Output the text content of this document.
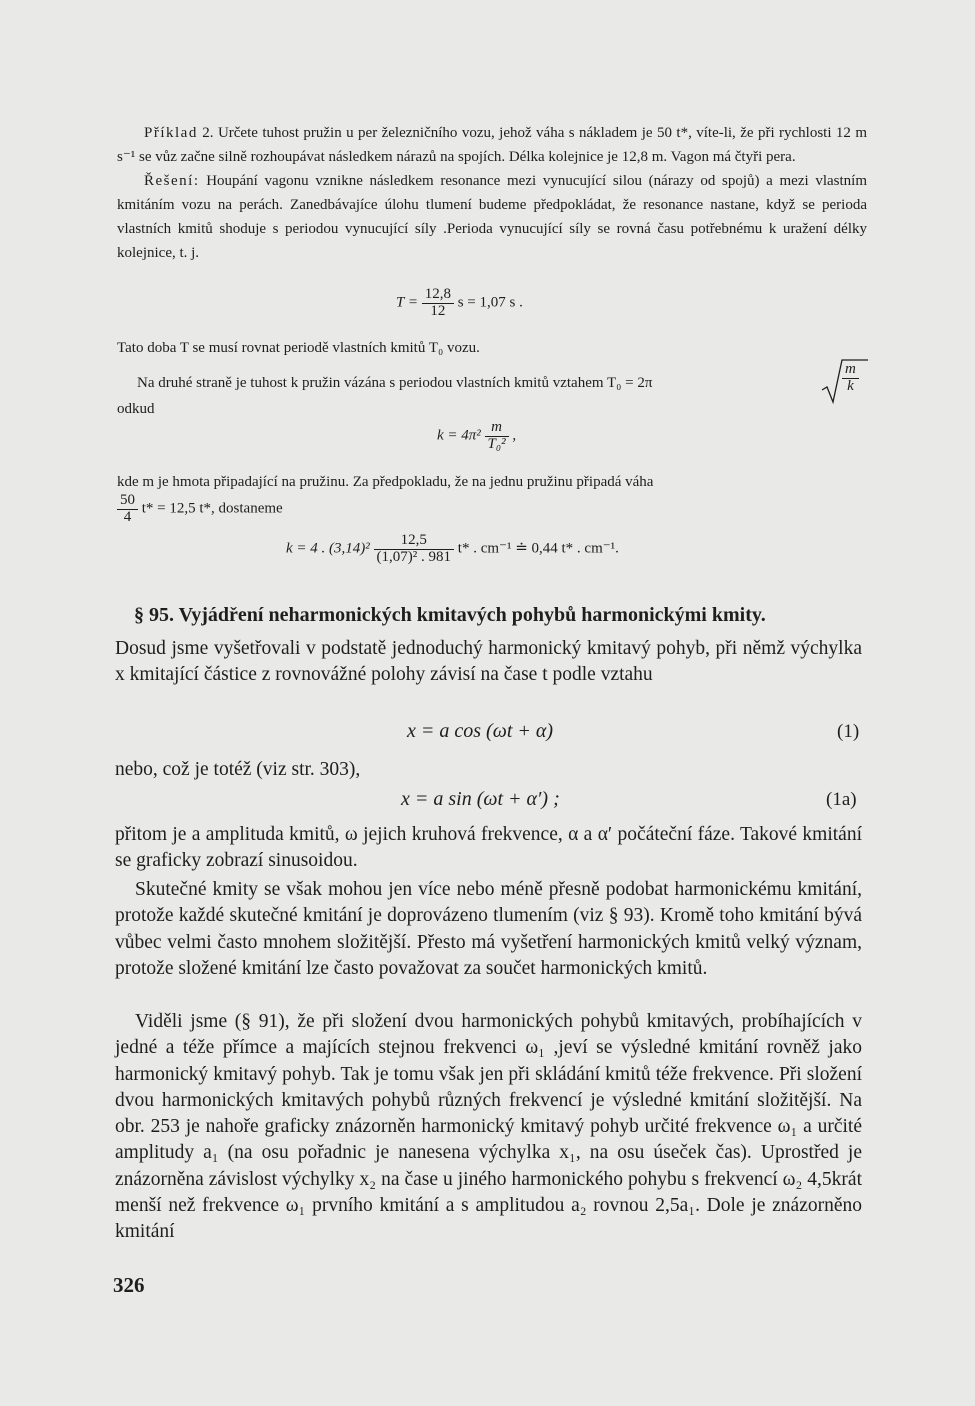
Příklad 2. Určete tuhost pružin u per železničního vozu, jehož váha s nákladem je 50 t*, víte-li, že při rychlosti 12 m s⁻¹ se vůz začne silně rozhoupávat následkem nárazů na spojích. Délka kolejnice je 12,8 m. Vagon má čtyři pera.

Řešení: Houpání vagonu vznikne následkem resonance mezi vynucující silou (nárazy od spojů) a mezi vlastním kmitáním vozu na perách. Zanedbávajíce úlohu tlumení budeme předpokládat, že resonance nastane, když se perioda vlastních kmitů shoduje s periodou vynucující síly .Perioda vynucující síly se rovná času potřebnému k uražení délky kolejnice, t. j.

$T = \frac{12,8}{12}$ s = 1,07 s .

Tato doba T se musí rovnat periodě vlastních kmitů T₀ vozu.

Na druhé straně je tuhost k pružin vázána s periodou vlastních kmitů vztahem T₀ = 2π	$\frac{m}{k}$

odkud

$k = 4\pi^2 \frac{m}{\text{T₀²}}$ ,

kde m je hmota připadající na pružinu. Za předpokladu, že na jednu pružinu připadá váha

$\frac{50}{4} t* = 12,5$ t*, dostaneme
k = 4 . $(3,14)^2 \frac{12,5}{\text{(1,07)² . 981}} t*$ . cm⁻¹ ≐ 0,44 t* . cm⁻¹.
§ 95. Vyjádření neharmonických kmitavých pohybů harmonickými kmity.

Dosud jsme vyšetřovali v podstatě jednoduchý harmonický kmitavý pohyb, při němž výchylka x kmitající částice z rovnovážné polohy závisí na čase t podle vztahu

x = a cos (ωt + α)	(1)

nebo, což je totéž (viz str. 303),

x = a sin (ωt + α′) ;	(1a)

přitom je a amplituda kmitů, ω jejich kruhová frekvence, α a α′ počáteční fáze. Takové kmitání se graficky zobrazí sinusoidou.

Skutečné kmity se však mohou jen více nebo méně přesně podobat harmonickému kmitání, protože každé skutečné kmitání je doprovázeno tlumením (viz § 93). Kromě toho kmitání bývá vůbec velmi často mnohem složitější. Přesto má vyšetření harmonických kmitů velký význam, protože složené kmitání lze často považovat za součet harmonických kmitů.

Viděli jsme (§ 91), že při složení dvou harmonických pohybů kmitavých, probíhajících v jedné a téže přímce a majících stejnou frekvenci ω₁ ,jeví se výsledné kmitání rovněž jako harmonický kmitavý pohyb. Tak je tomu však jen při skládání kmitů téže frekvence. Při složení dvou harmonických kmitavých pohybů různých frekvencí je výsledné kmitání složitější. Na obr. 253 je nahoře graficky znázorněn harmonický kmitavý pohyb určité frekvence ω₁ a určité amplitudy a₁ (na osu pořadnic je nanesena výchylka x₁, na osu úseček čas). Uprostřed je znázorněna závislost výchylky x₂ na čase u jiného harmonického pohybu s frekvencí ω₂ 4,5krát menší než frekvence ω₁ prvního kmitání a s amplitudou a₂ rovnou 2,5a₁. Dole je znázorněno kmitání

326
